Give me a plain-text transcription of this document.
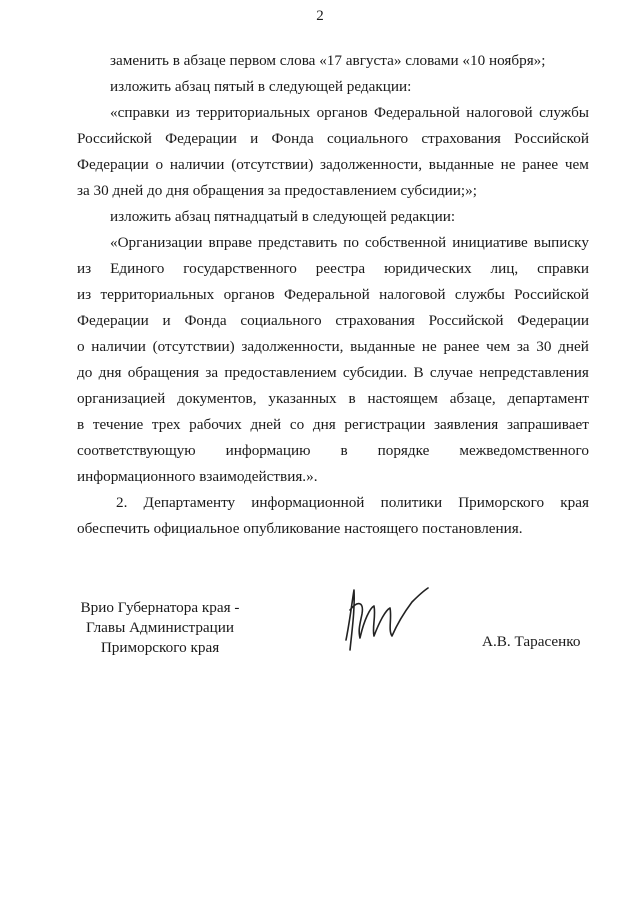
2
заменить в абзаце первом слова «17 августа» словами «10 ноября»;
изложить абзац пятый в следующей редакции:
«справки из территориальных органов Федеральной налоговой службы
Российской Федерации и Фонда социального страхования Российской
Федерации о наличии (отсутствии) задолженности, выданные не ранее чем
за 30 дней до дня обращения за предоставлением субсидии;»;
изложить абзац пятнадцатый в следующей редакции:
«Организации вправе представить по собственной инициативе выписку
из Единого государственного реестра юридических лиц, справки
из территориальных органов Федеральной налоговой службы Российской
Федерации и Фонда социального страхования Российской Федерации
о наличии (отсутствии) задолженности, выданные не ранее чем за 30 дней
до дня обращения за предоставлением субсидии. В случае непредставления
организацией документов, указанных в настоящем абзаце, департамент
в течение трех рабочих дней со дня регистрации заявления запрашивает
соответствующую информацию в порядке межведомственного
информационного взаимодействия.».
2. Департаменту информационной политики Приморского края
обеспечить официальное опубликование настоящего постановления.
Врио Губернатора края -
Главы Администрации
Приморского края	А.В. Тарасенко
